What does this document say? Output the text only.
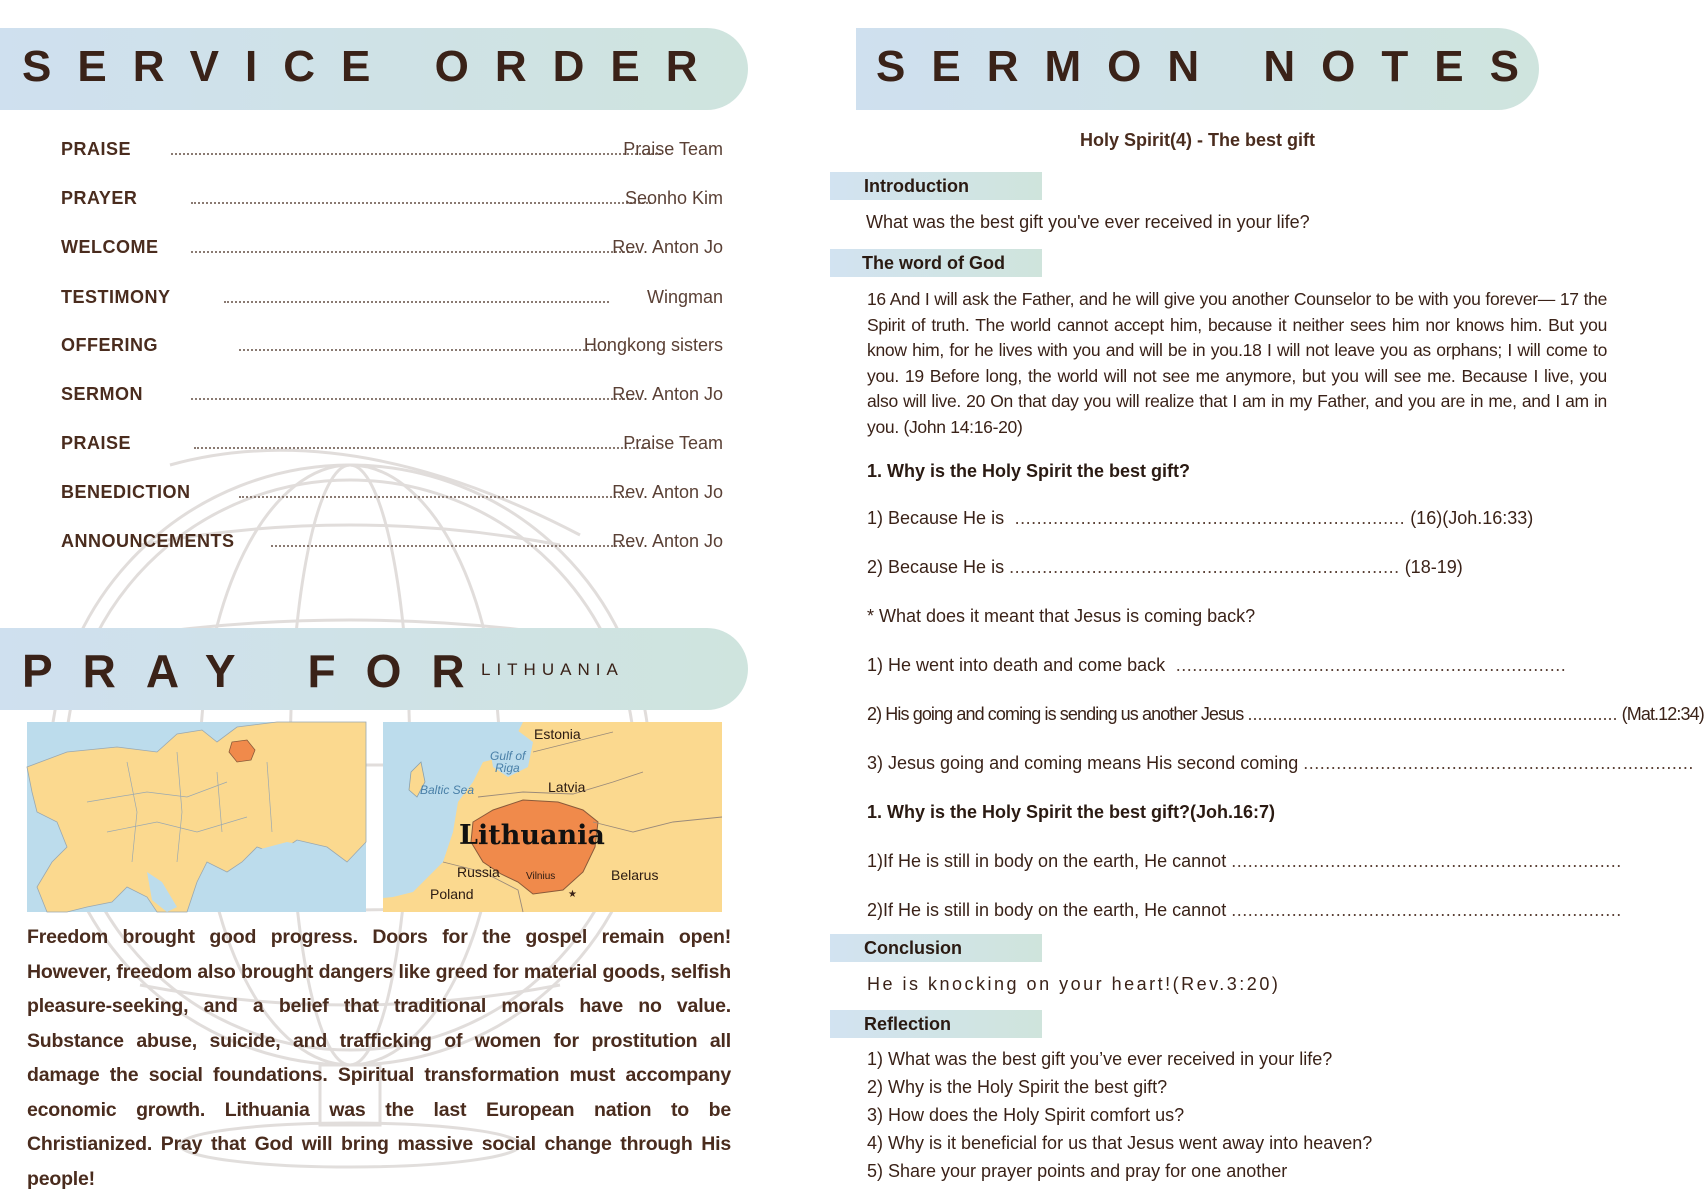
SERVICE ORDER
PRAISE	Praise Team
PRAYER	Seonho Kim
WELCOME	Rev. Anton Jo
TESTIMONY	Wingman
OFFERING	Hongkong sisters
SERMON	Rev. Anton Jo
PRAISE	Praise Team
BENEDICTION	Rev. Anton Jo
ANNOUNCEMENTS	Rev. Anton Jo
PRAY FOR
LITHUANIA
★
Estonia
Gulf of
Riga
Baltic Sea	Latvia
Lithuania
Russia	Vilnius	Belarus
Poland
Freedom brought good progress. Doors for the gospel remain open! However, freedom also brought dangers like greed for material goods, selfish pleasure-seeking, and a belief that traditional morals have no value. Substance abuse, suicide, and trafficking of women for prostitution all damage the social foundations. Spiritual transformation must accompany economic growth. Lithuania was the last European nation to be Christianized. Pray that God will bring massive social change through His people!
SERMON NOTES
Holy Spirit(4) - The best gift
Introduction
What was the best gift you've ever received in your life?
The word of God
16 And I will ask the Father, and he will give you another Counselor to be with you forever— 17 the Spirit of truth. The world cannot accept him, because it neither sees him nor knows him. But you know him, for he lives with you and will be in you.18 I will not leave you as orphans; I will come to you. 19 Before long, the world will not see me anymore, but you will see me. Because I live, you also will live. 20 On that day you will realize that I am in my Father, and you are in me, and I am in you. (John 14:16-20)
1. Why is the Holy Spirit the best gift?
1) Because He is  ....................................................................... (16)(Joh.16:33)
2) Because He is ....................................................................... (18-19)
* What does it meant that Jesus is coming back?
1) He went into death and come back  .......................................................................
2) His going and coming is sending us another Jesus .......................................................................... (Mat.12:34)
3) Jesus going and coming means His second coming .......................................................................
1. Why is the Holy Spirit the best gift?(Joh.16:7)
1)If He is still in body on the earth, He cannot .......................................................................
2)If He is still in body on the earth, He cannot .......................................................................
Conclusion
He is knocking on your heart!(Rev.3:20)
Reflection
1) What was the best gift you’ve ever received in your life?
2) Why is the Holy Spirit the best gift?
3) How does the Holy Spirit comfort us?
4) Why is it beneficial for us that Jesus went away into heaven?
5) Share your prayer points and pray for one another
